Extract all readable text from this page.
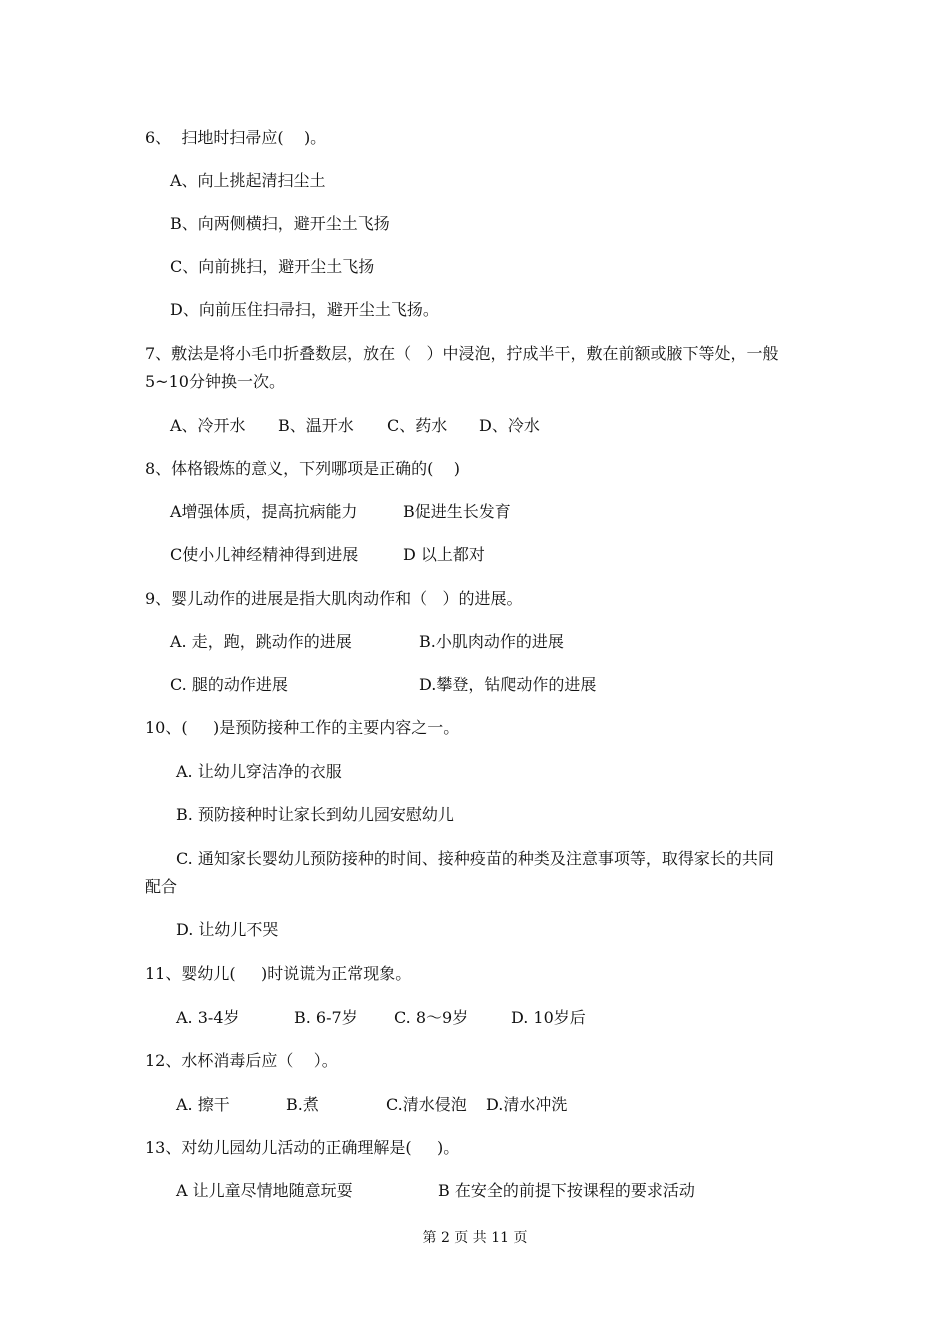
6、  扫地时扫帚应(    )。

A、向上挑起清扫尘土

B、向两侧横扫，避开尘土飞扬

C、向前挑扫，避开尘土飞扬

D、向前压住扫帚扫，避开尘土飞扬。

7、敷法是将小毛巾折叠数层，放在（   ）中浸泡，拧成半干，敷在前额或腋下等处，一般

5~10分钟换一次。

A、冷开水 B、温开水 C、药水 D、冷水

8、体格锻炼的意义，下列哪项是正确的(    )

A增强体质，提高抗病能力	B促进生长发育

C使小儿神经精神得到进展	D 以上都对

9、婴儿动作的进展是指大肌肉动作和（   ）的进展。

A. 走，跑，跳动作的进展	B.小肌肉动作的进展

C. 腿的动作进展	D.攀登，钻爬动作的进展

10、(     )是预防接种工作的主要内容之一。

A. 让幼儿穿洁净的衣服

B. 预防接种时让家长到幼儿园安慰幼儿

C. 通知家长婴幼儿预防接种的时间、接种疫苗的种类及注意事项等，取得家长的共同

配合

D. 让幼儿不哭

11、婴幼儿(     )时说谎为正常现象。

A. 3-4岁	B. 6-7岁 C. 8～9岁	D. 10岁后

12、水杯消毒后应（    ）。

A. 擦干	B.煮	C.清水侵泡 D.清水冲洗

13、对幼儿园幼儿活动的正确理解是(     )。

A 让儿童尽情地随意玩耍	B 在安全的前提下按课程的要求活动

第 2 页 共 11 页
